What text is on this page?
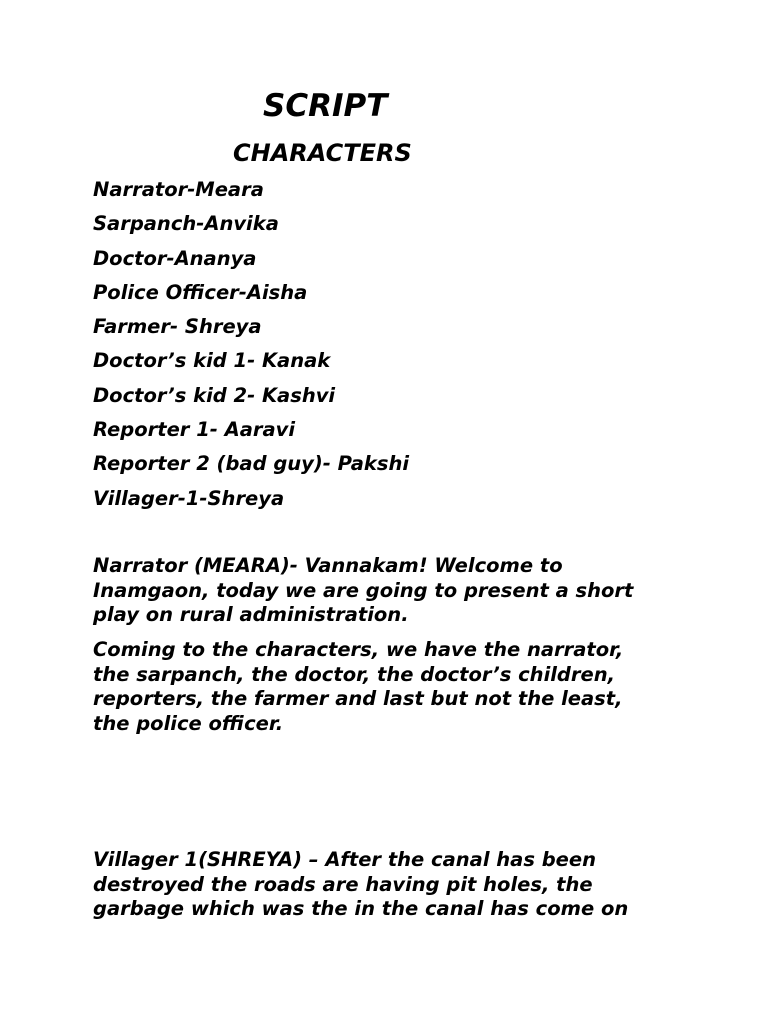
SCRIPT
CHARACTERS
Narrator-Meara
Sarpanch-Anvika
Doctor-Ananya
Police Officer-Aisha
Farmer- Shreya
Doctor’s kid 1- Kanak
Doctor’s kid 2- Kashvi
Reporter 1- Aaravi
Reporter 2 (bad guy)- Pakshi
Villager-1-Shreya

Narrator (MEARA)- Vannakam! Welcome to
Inamgaon, today we are going to present a short
play on rural administration.

Coming to the characters, we have the narrator,
the sarpanch, the doctor, the doctor’s children,
reporters, the farmer and last but not the least,
the police officer.

Villager 1(SHREYA) – After the canal has been
destroyed the roads are having pit holes, the
garbage which was the in the canal has come on
